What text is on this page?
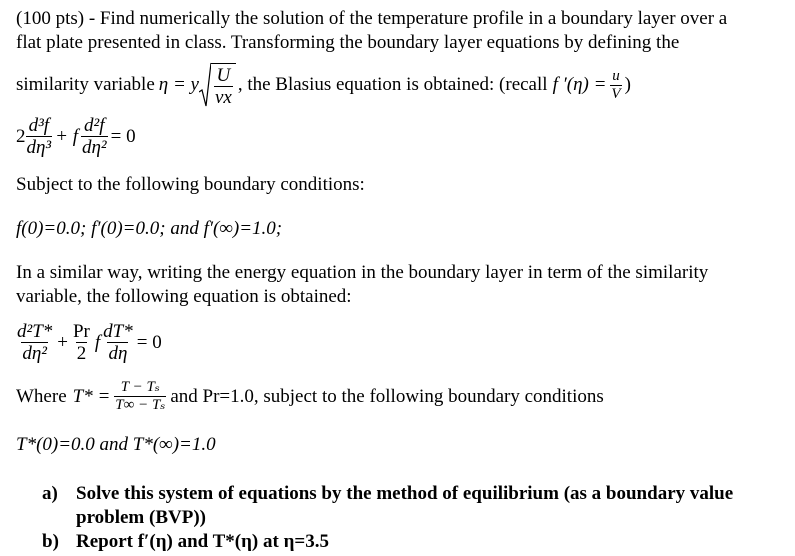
(100 pts) - Find numerically the solution of the temperature profile in a boundary layer over a
flat plate presented in class. Transforming the boundary layer equations by defining the
similarity variable η = y $\frac{U}{\nu x}$ , the Blasius equation is obtained: (recall f $'(\eta) = \frac{u}{V}$ )
$2 \frac{\text{d³f}}{\text{dη³}} + f \frac{\text{d²f}}{\text{dη²}} = 0$
Subject to the following boundary conditions:
f(0)=0.0; f′(0)=0.0; and f′(∞)=1.0;
In a similar way, writing the energy equation in the boundary layer in term of the similarity
variable, the following equation is obtained:
$\frac{\text{d²T*}}{\text{dη²}} + \frac{Pr}{2}$ f $\frac{dT*}{d\eta} = 0$
Where $T* = \frac{\text{T − Tₛ}}{\text{T∞ − Tₛ}}$ and Pr=1.0, subject to the following boundary conditions
T*(0)=0.0 and T*(∞)=1.0
a) Solve this system of equations by the method of equilibrium (as a boundary value
problem (BVP))
b) Report f′(η) and T*(η) at η=3.5
